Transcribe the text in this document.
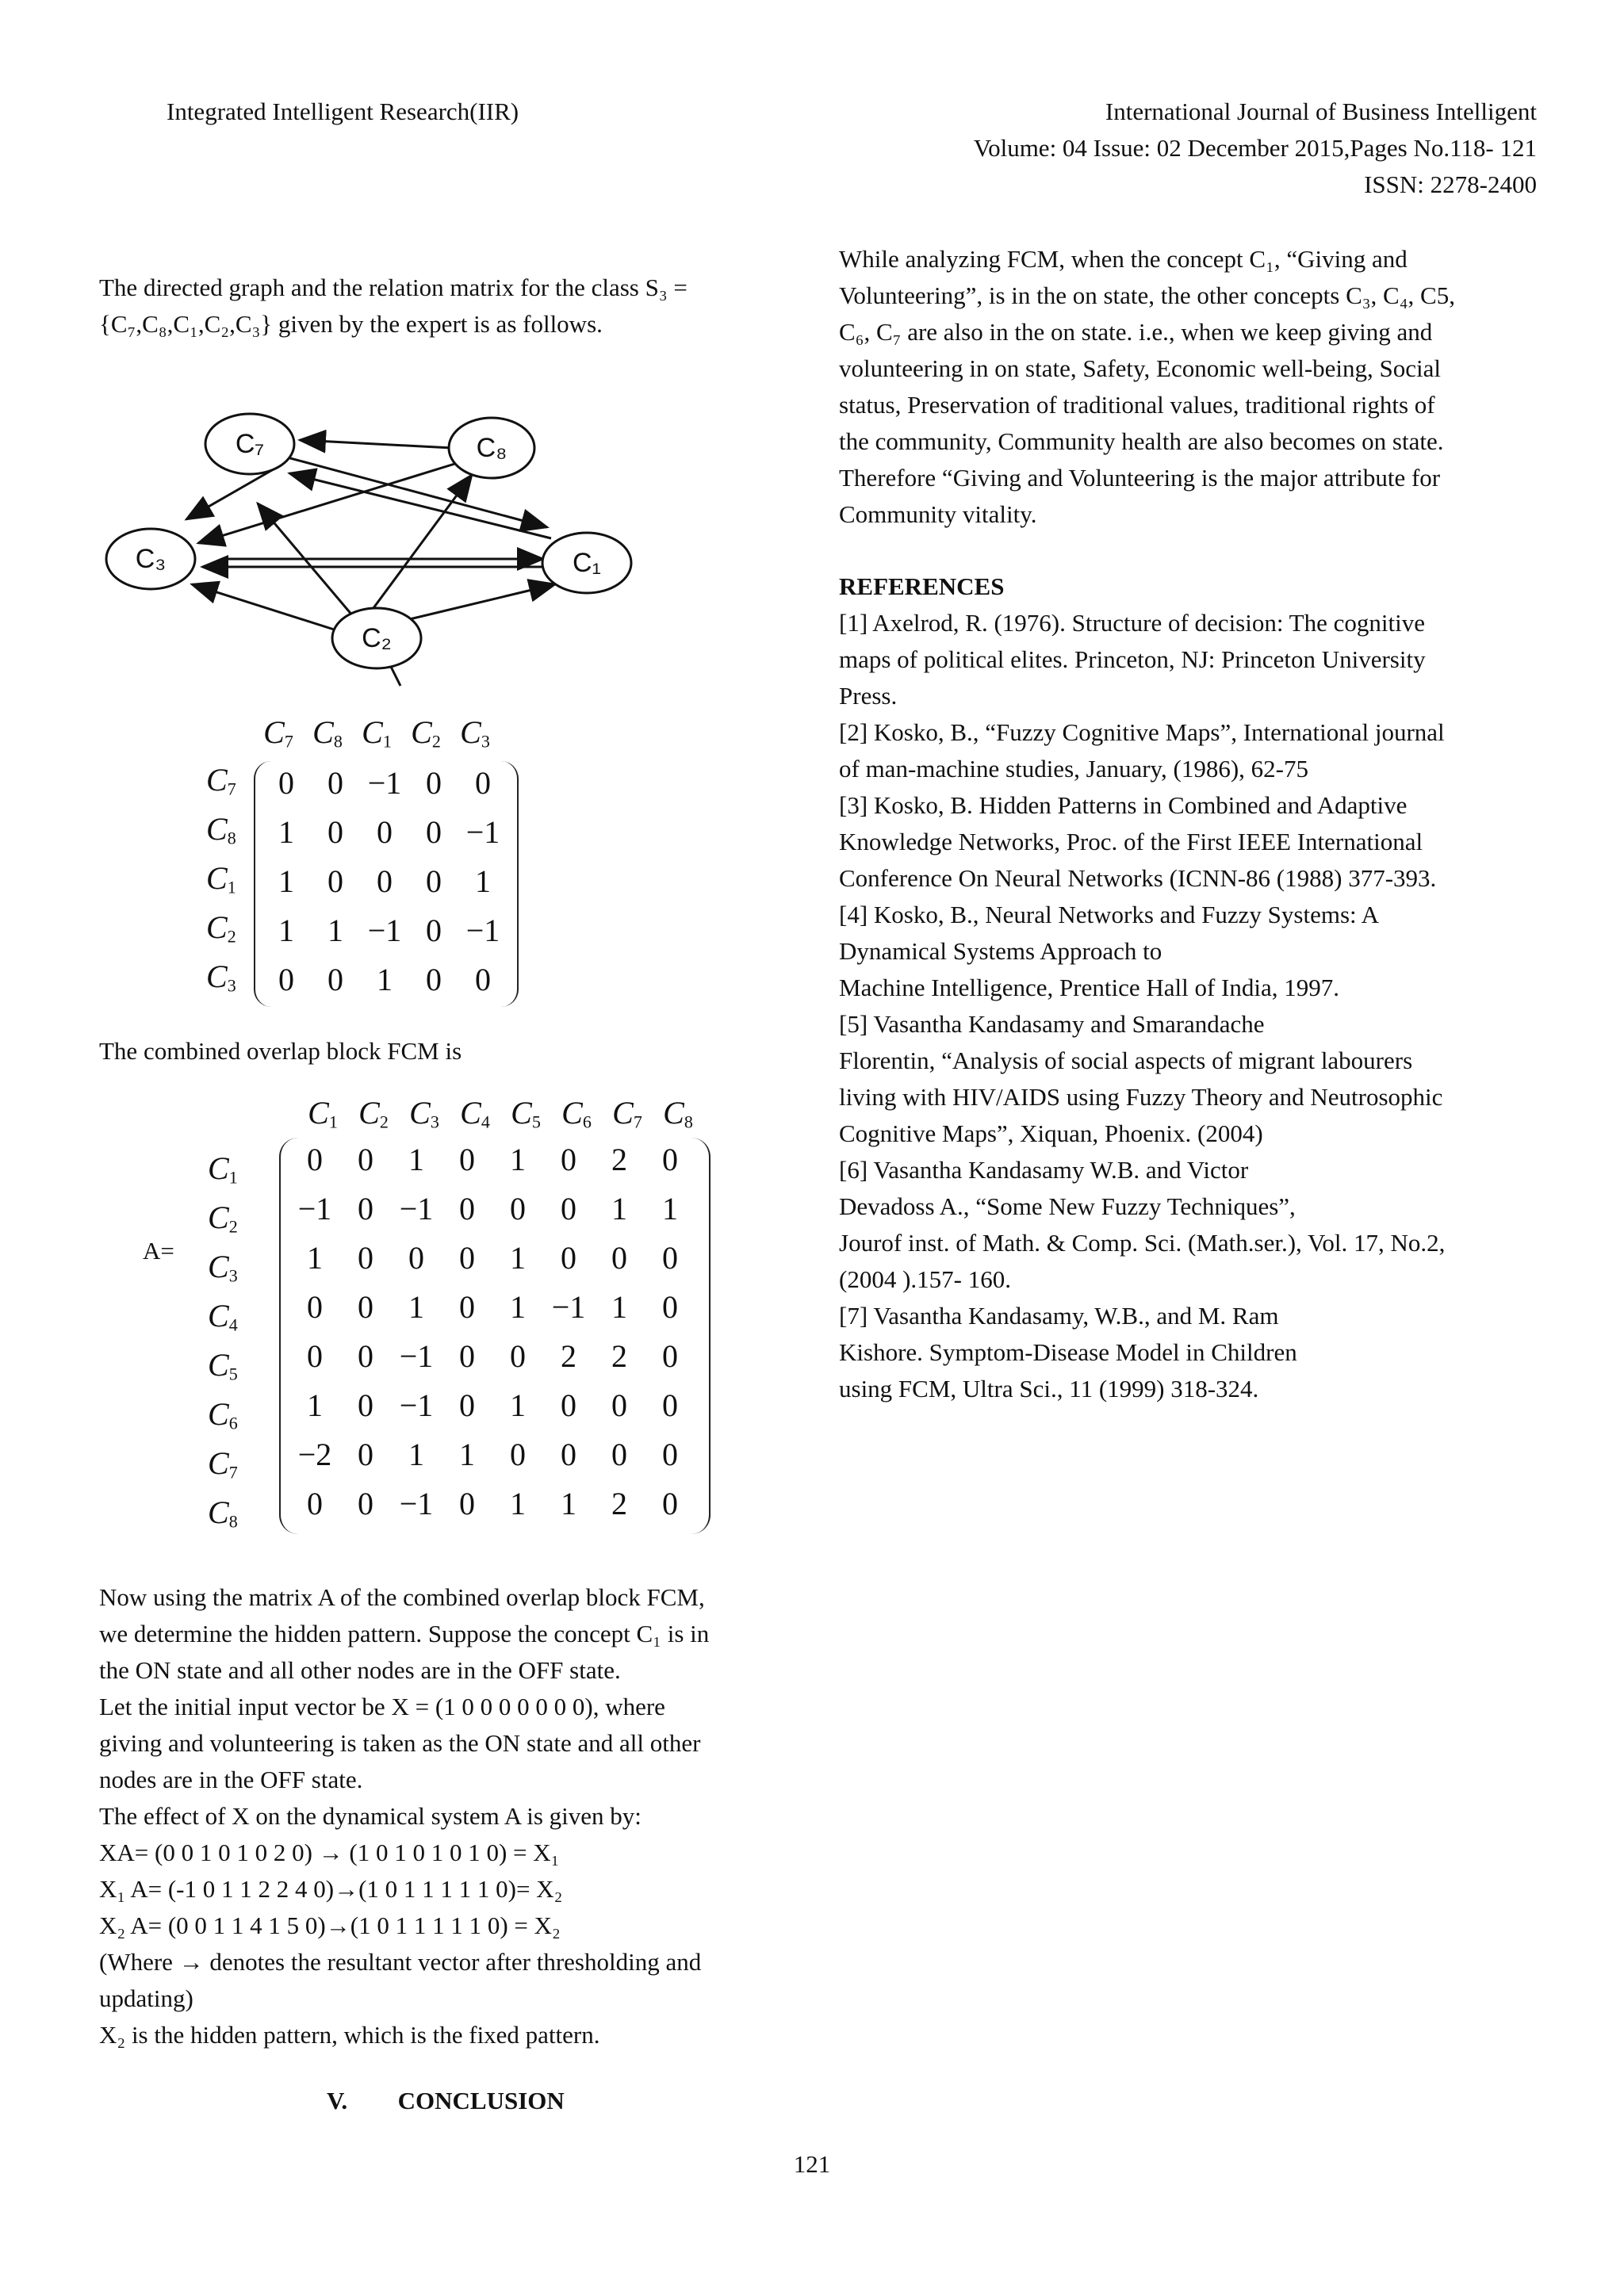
Integrated Intelligent Research(IIR)	International Journal of Business Intelligent
Volume: 04 Issue: 02 December 2015,Pages No.118- 121
ISSN: 2278-2400
The directed graph and the relation matrix for the class S₃ =
{C₇,C₈,C₁,C₂,C₃} given by the expert is as follows.
C₇	C₈
C₃	C₁
C₂
$C_7$ $C_8$ $C_1$ $C_2$ $C_3$
$C_7$
$C_8$
$C_1$
$C_2$
$C_3$
0	0 −1 0	0
1	0	0	0 −1
1	0	0	0	1
1	1 −1 0 −1
0	0	1	0	0
The combined overlap block FCM is
A=
$C_1$ $C_2$ $C_3$ $C_4$ $C_5$ $C_6$ $C_7$ $C_8$
$C_1$
$C_2$
$C_3$
$C_4$
$C_5$
$C_6$
$C_7$
$C_8$
0	0	1	0	1	0	2	0
−1 0 −1 0	0	0	1	1
1	0	0	0	1	0	0	0
0	0	1	0	1 −1 1	0
0	0 −1 0	0	2	2	0
1	0 −1 0	1	0	0	0
−2 0	1	1	0	0	0	0
0	0 −1 0	1	1	2	0
Now using the matrix A of the combined overlap block FCM,
we determine the hidden pattern. Suppose the concept C₁ is in
the ON state and all other nodes are in the OFF state.
Let the initial input vector be X = (1 0 0 0 0 0 0 0), where
giving and volunteering is taken as the ON state and all other
nodes are in the OFF state.
The effect of X on the dynamical system A is given by:
XA= (0 0 1 0 1 0 2 0) → (1 0 1 0 1 0 1 0) = X₁
X₁ A= (-1 0 1 1 2 2 4 0)→(1 0 1 1 1 1 1 0)= X₂
X₂ A= (0 0 1 1 4 1 5 0)→(1 0 1 1 1 1 1 0) = X₂
(Where → denotes the resultant vector after thresholding and
updating)
X₂ is the hidden pattern, which is the fixed pattern.
V. CONCLUSION
While analyzing FCM, when the concept C₁, “Giving and
Volunteering”, is in the on state, the other concepts C₃, C₄, C5,
C₆, C₇ are also in the on state. i.e., when we keep giving and
volunteering in on state, Safety, Economic well-being, Social
status, Preservation of traditional values, traditional rights of
the community, Community health are also becomes on state.
Therefore “Giving and Volunteering is the major attribute for
Community vitality.
REFERENCES
[1] Axelrod, R. (1976). Structure of decision: The cognitive
maps of political elites. Princeton, NJ: Princeton University
Press.
[2] Kosko, B., “Fuzzy Cognitive Maps”, International journal
of man-machine studies, January, (1986), 62-75
[3] Kosko, B. Hidden Patterns in Combined and Adaptive
Knowledge Networks, Proc. of the First IEEE International
Conference On Neural Networks (ICNN-86 (1988) 377-393.
[4] Kosko, B., Neural Networks and Fuzzy Systems: A
Dynamical Systems Approach to
Machine Intelligence, Prentice Hall of India, 1997.
[5] Vasantha Kandasamy and Smarandache
Florentin, “Analysis of social aspects of migrant labourers
living with HIV/AIDS using Fuzzy Theory and Neutrosophic
Cognitive Maps”, Xiquan, Phoenix. (2004)
[6] Vasantha Kandasamy W.B. and Victor
Devadoss A., “Some New Fuzzy Techniques”,
Jourof inst. of Math. & Comp. Sci. (Math.ser.), Vol. 17, No.2,
(2004 ).157- 160.
[7] Vasantha Kandasamy, W.B., and M. Ram
Kishore. Symptom-Disease Model in Children
using FCM, Ultra Sci., 11 (1999) 318-324.
121
